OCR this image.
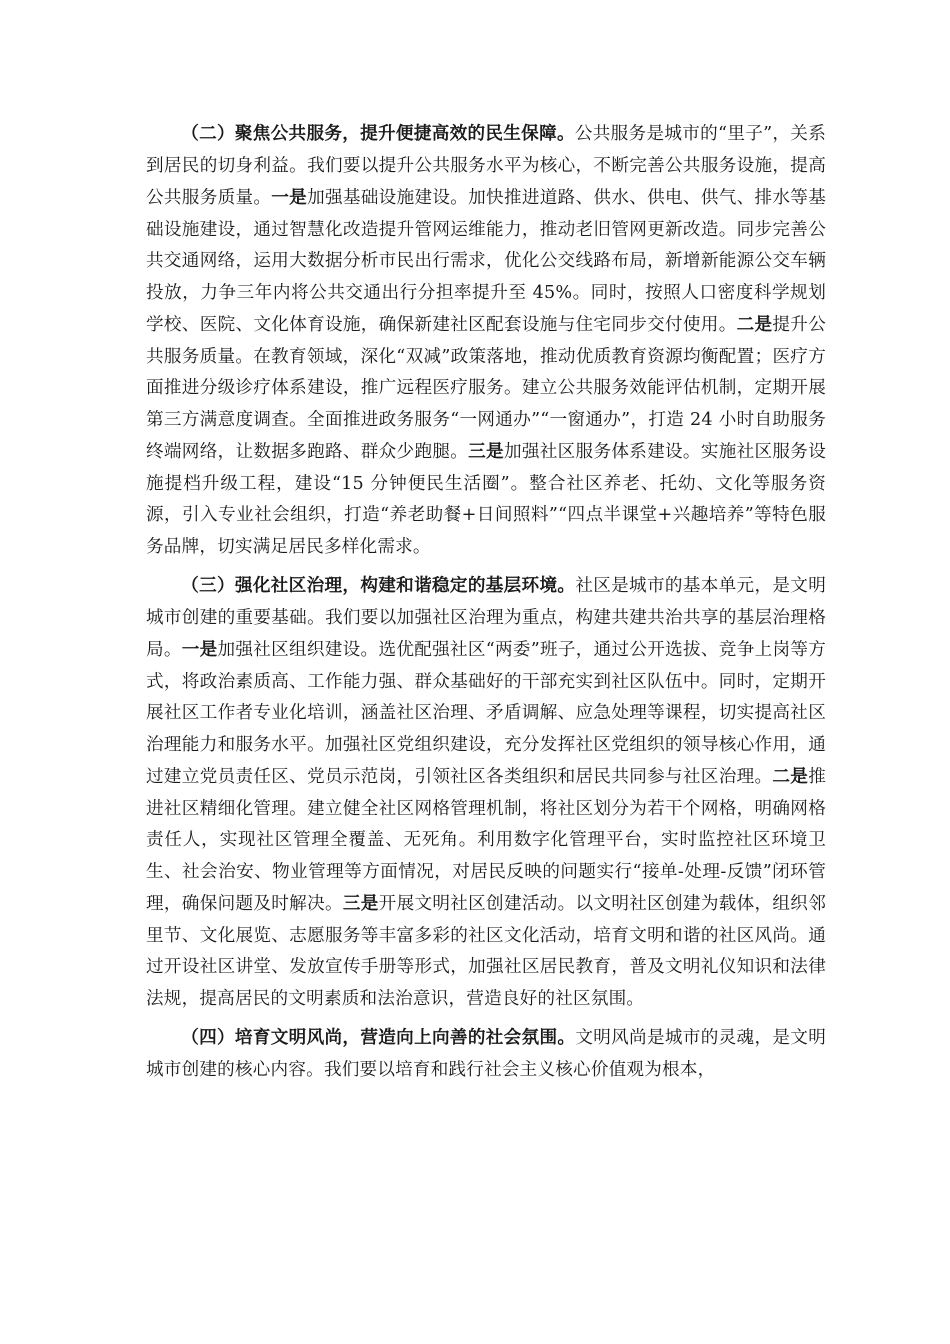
（二）聚焦公共服务，提升便捷高效的民生保障。公共服务是城市的“里子”，关系到居民的切身利益。我们要以提升公共服务水平为核心，不断完善公共服务设施，提高公共服务质量。一是加强基础设施建设。加快推进道路、供水、供电、供气、排水等基础设施建设，通过智慧化改造提升管网运维能力，推动老旧管网更新改造。同步完善公共交通网络，运用大数据分析市民出行需求，优化公交线路布局，新增新能源公交车辆投放，力争三年内将公共交通出行分担率提升至 45%。同时，按照人口密度科学规划学校、医院、文化体育设施，确保新建社区配套设施与住宅同步交付使用。二是提升公共服务质量。在教育领域，深化“双减”政策落地，推动优质教育资源均衡配置；医疗方面推进分级诊疗体系建设，推广远程医疗服务。建立公共服务效能评估机制，定期开展第三方满意度调查。全面推进政务服务“一网通办”“一窗通办”，打造 24 小时自助服务终端网络，让数据多跑路、群众少跑腿。三是加强社区服务体系建设。实施社区服务设施提档升级工程，建设“15 分钟便民生活圈”。整合社区养老、托幼、文化等服务资源，引入专业社会组织，打造“养老助餐+日间照料”“四点半课堂+兴趣培养”等特色服务品牌，切实满足居民多样化需求。

（三）强化社区治理，构建和谐稳定的基层环境。社区是城市的基本单元，是文明城市创建的重要基础。我们要以加强社区治理为重点，构建共建共治共享的基层治理格局。一是加强社区组织建设。选优配强社区“两委”班子，通过公开选拔、竞争上岗等方式，将政治素质高、工作能力强、群众基础好的干部充实到社区队伍中。同时，定期开展社区工作者专业化培训，涵盖社区治理、矛盾调解、应急处理等课程，切实提高社区治理能力和服务水平。加强社区党组织建设，充分发挥社区党组织的领导核心作用，通过建立党员责任区、党员示范岗，引领社区各类组织和居民共同参与社区治理。二是推进社区精细化管理。建立健全社区网格管理机制，将社区划分为若干个网格，明确网格责任人，实现社区管理全覆盖、无死角。利用数字化管理平台，实时监控社区环境卫生、社会治安、物业管理等方面情况，对居民反映的问题实行“接单-处理-反馈”闭环管理，确保问题及时解决。三是开展文明社区创建活动。以文明社区创建为载体，组织邻里节、文化展览、志愿服务等丰富多彩的社区文化活动，培育文明和谐的社区风尚。通过开设社区讲堂、发放宣传手册等形式，加强社区居民教育，普及文明礼仪知识和法律法规，提高居民的文明素质和法治意识，营造良好的社区氛围。

（四）培育文明风尚，营造向上向善的社会氛围。文明风尚是城市的灵魂，是文明城市创建的核心内容。我们要以培育和践行社会主义核心价值观为根本，
